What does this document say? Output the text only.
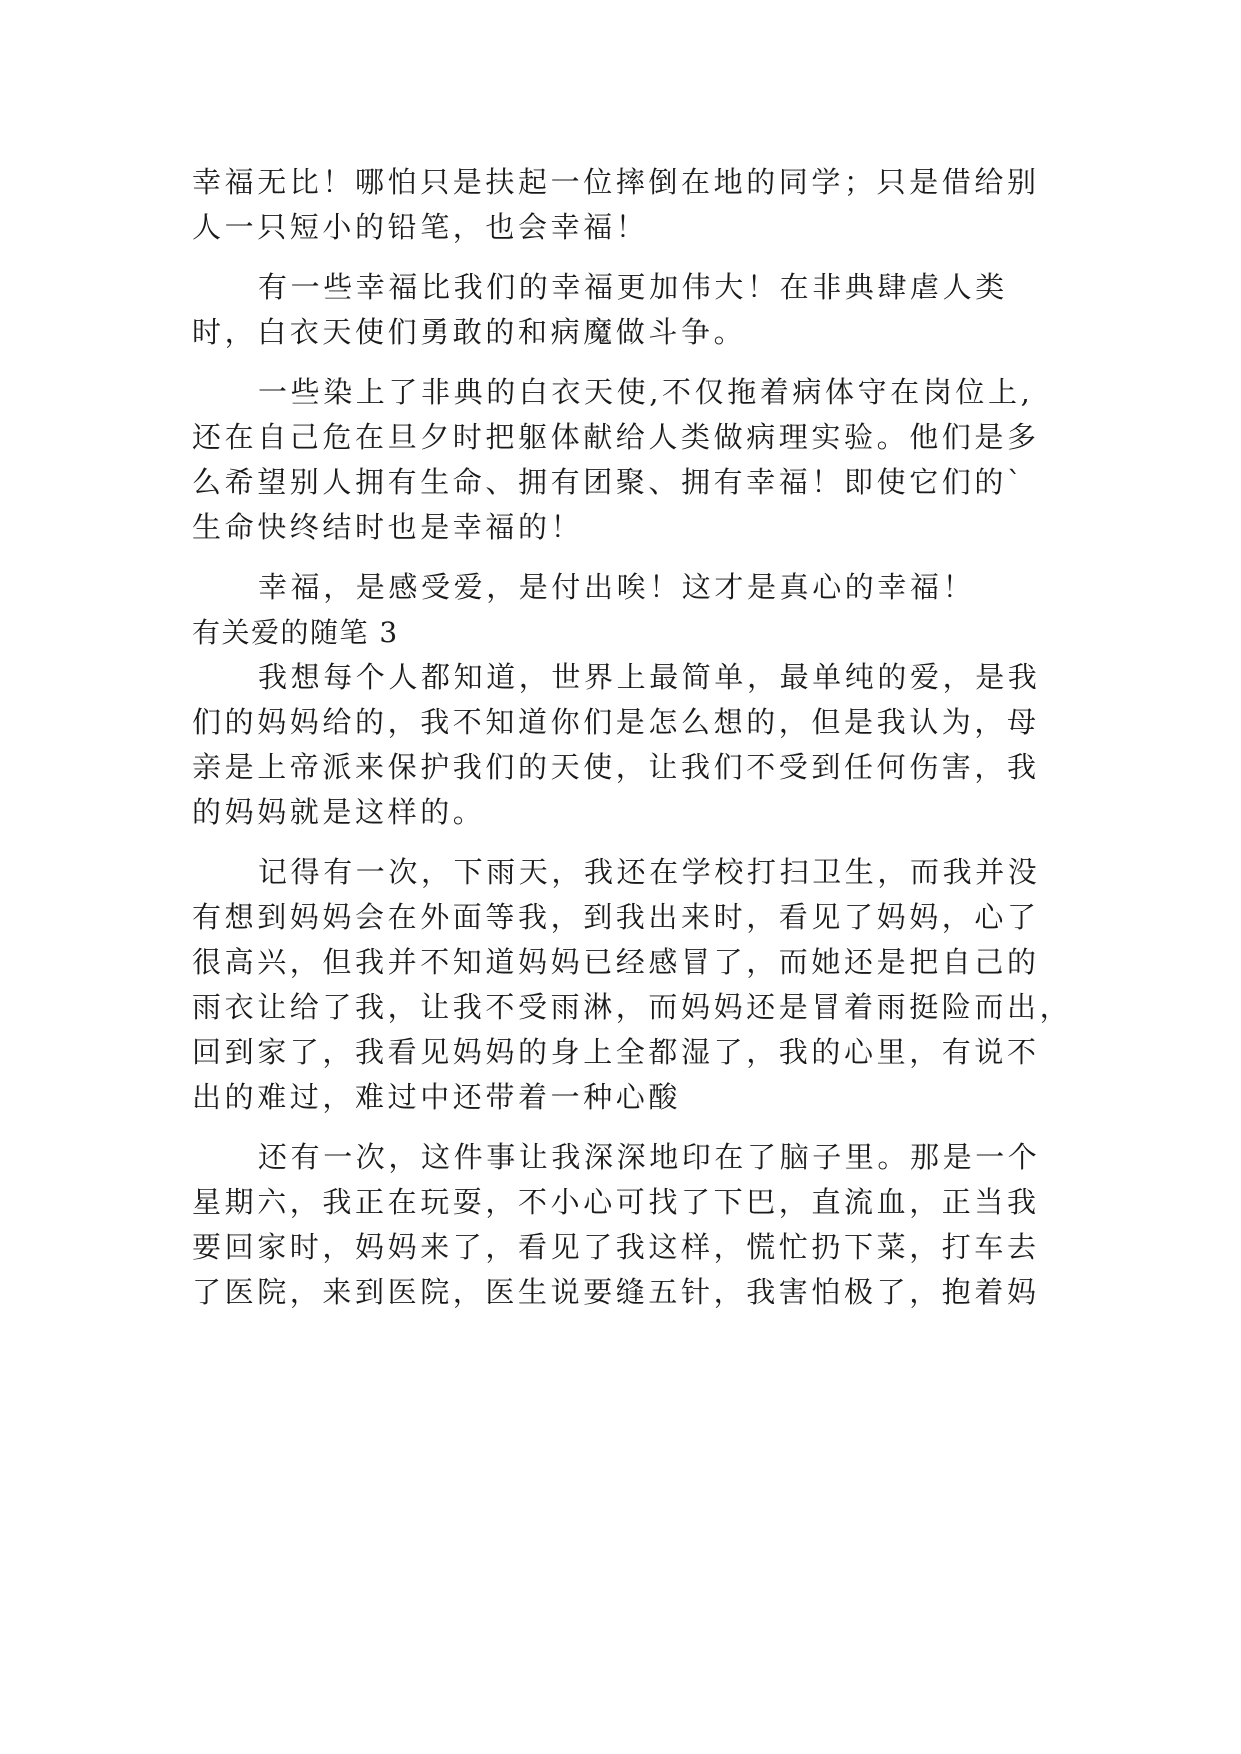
幸福无比！哪怕只是扶起一位摔倒在地的同学；只是借给别

人一只短小的铅笔，也会幸福！

有一些幸福比我们的幸福更加伟大！在非典肆虐人类

时，白衣天使们勇敢的和病魔做斗争。

一些染上了非典的白衣天使,不仅拖着病体守在岗位上,

还在自己危在旦夕时把躯体献给人类做病理实验。他们是多

么希望别人拥有生命、拥有团聚、拥有幸福！即使它们的`

生命快终结时也是幸福的！

幸福，是感受爱，是付出唉！这才是真心的幸福！

有关爱的随笔 3

我想每个人都知道，世界上最简单，最单纯的爱，是我

们的妈妈给的，我不知道你们是怎么想的，但是我认为，母

亲是上帝派来保护我们的天使，让我们不受到任何伤害，我

的妈妈就是这样的。

记得有一次，下雨天，我还在学校打扫卫生，而我并没

有想到妈妈会在外面等我，到我出来时，看见了妈妈，心了

很高兴，但我并不知道妈妈已经感冒了，而她还是把自己的

雨衣让给了我，让我不受雨淋，而妈妈还是冒着雨挺险而出，

回到家了，我看见妈妈的身上全都湿了，我的心里，有说不

出的难过，难过中还带着一种心酸

还有一次，这件事让我深深地印在了脑子里。那是一个

星期六，我正在玩耍，不小心可找了下巴，直流血，正当我

要回家时，妈妈来了，看见了我这样，慌忙扔下菜，打车去

了医院，来到医院，医生说要缝五针，我害怕极了，抱着妈
